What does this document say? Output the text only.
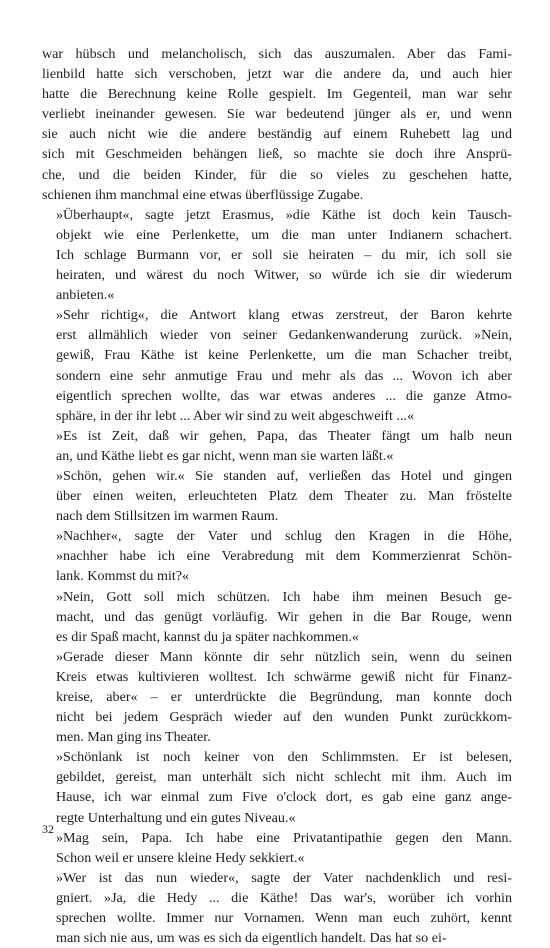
war hübsch und melancholisch, sich das auszumalen. Aber das Fami-
lienbild hatte sich verschoben, jetzt war die andere da, und auch hier
hatte die Berechnung keine Rolle gespielt. Im Gegenteil, man war sehr
verliebt ineinander gewesen. Sie war bedeutend jünger als er, und wenn
sie auch nicht wie die andere beständig auf einem Ruhebett lag und
sich mit Geschmeiden behängen ließ, so machte sie doch ihre Ansprü-
che, und die beiden Kinder, für die so vieles zu geschehen hatte,
schienen ihm manchmal eine etwas überflüssige Zugabe.

»Überhaupt«, sagte jetzt Erasmus, »die Käthe ist doch kein Tausch-
objekt wie eine Perlenkette, um die man unter Indianern schachert.
Ich schlage Burmann vor, er soll sie heiraten – du mir, ich soll sie
heiraten, und wärest du noch Witwer, so würde ich sie dir wiederum
anbieten.«

»Sehr richtig«, die Antwort klang etwas zerstreut, der Baron kehrte
erst allmählich wieder von seiner Gedankenwanderung zurück. »Nein,
gewiß, Frau Käthe ist keine Perlenkette, um die man Schacher treibt,
sondern eine sehr anmutige Frau und mehr als das ... Wovon ich aber
eigentlich sprechen wollte, das war etwas anderes ... die ganze Atmo-
sphäre, in der ihr lebt ... Aber wir sind zu weit abgeschweift ...«

»Es ist Zeit, daß wir gehen, Papa, das Theater fängt um halb neun
an, und Käthe liebt es gar nicht, wenn man sie warten läßt.«

»Schön, gehen wir.« Sie standen auf, verließen das Hotel und gingen
über einen weiten, erleuchteten Platz dem Theater zu. Man fröstelte
nach dem Stillsitzen im warmen Raum.

»Nachher«, sagte der Vater und schlug den Kragen in die Höhe,
»nachher habe ich eine Verabredung mit dem Kommerzienrat Schön-
lank. Kommst du mit?«

»Nein, Gott soll mich schützen. Ich habe ihm meinen Besuch ge-
macht, und das genügt vorläufig. Wir gehen in die Bar Rouge, wenn
es dir Spaß macht, kannst du ja später nachkommen.«

»Gerade dieser Mann könnte dir sehr nützlich sein, wenn du seinen
Kreis etwas kultivieren wolltest. Ich schwärme gewiß nicht für Finanz-
kreise, aber« – er unterdrückte die Begründung, man konnte doch
nicht bei jedem Gespräch wieder auf den wunden Punkt zurückkom-
men. Man ging ins Theater.

»Schönlank ist noch keiner von den Schlimmsten. Er ist belesen,
gebildet, gereist, man unterhält sich nicht schlecht mit ihm. Auch im
Hause, ich war einmal zum Five o'clock dort, es gab eine ganz ange-
regte Unterhaltung und ein gutes Niveau.«

»Mag sein, Papa. Ich habe eine Privatantipathie gegen den Mann.
Schon weil er unsere kleine Hedy sekkiert.«

»Wer ist das nun wieder«, sagte der Vater nachdenklich und resi-
gniert. »Ja, die Hedy ... die Käthe! Das war's, worüber ich vorhin
sprechen wollte. Immer nur Vornamen. Wenn man euch zuhört, kennt
man sich nie aus, um was es sich da eigentlich handelt. Das hat so ei-

32
